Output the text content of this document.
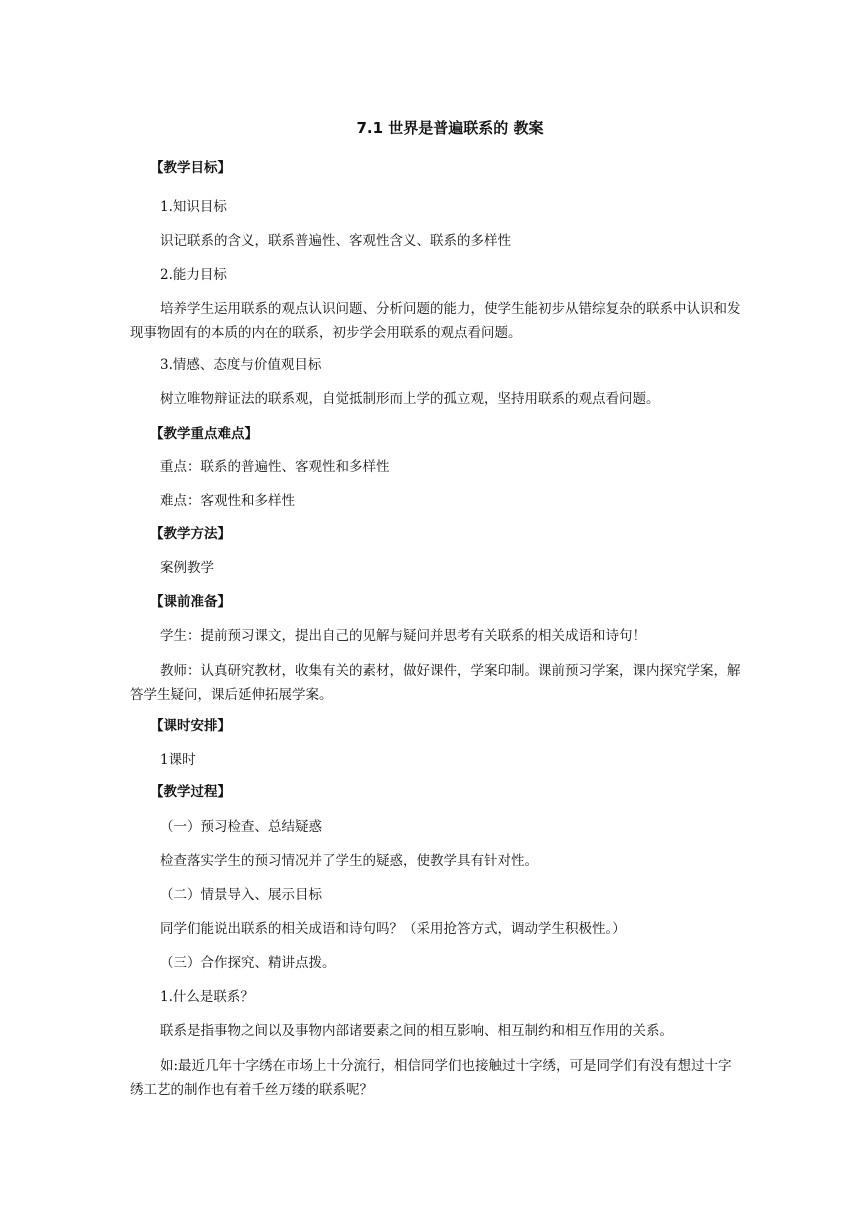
7.1 世界是普遍联系的 教案
【教学目标】
1.知识目标
识记联系的含义，联系普遍性、客观性含义、联系的多样性
2.能力目标
培养学生运用联系的观点认识问题、分析问题的能力，使学生能初步从错综复杂的联系中认识和发现事物固有的本质的内在的联系，初步学会用联系的观点看问题。
3.情感、态度与价值观目标
树立唯物辩证法的联系观，自觉抵制形而上学的孤立观，坚持用联系的观点看问题。
【教学重点难点】
重点：联系的普遍性、客观性和多样性
难点：客观性和多样性
【教学方法】
案例教学
【课前准备】
学生：提前预习课文，提出自己的见解与疑问并思考有关联系的相关成语和诗句！
教师：认真研究教材，收集有关的素材，做好课件，学案印制。课前预习学案，课内探究学案，解答学生疑问，课后延伸拓展学案。
【课时安排】
1课时
【教学过程】
（一）预习检查、总结疑惑
检查落实学生的预习情况并了学生的疑惑，使教学具有针对性。
（二）情景导入、展示目标
同学们能说出联系的相关成语和诗句吗？（采用抢答方式，调动学生积极性。）
（三）合作探究、精讲点拨。
1.什么是联系？
联系是指事物之间以及事物内部诸要素之间的相互影响、相互制约和相互作用的关系。
如:最近几年十字绣在市场上十分流行，相信同学们也接触过十字绣，可是同学们有没有想过十字绣工艺的制作也有着千丝万缕的联系呢？
